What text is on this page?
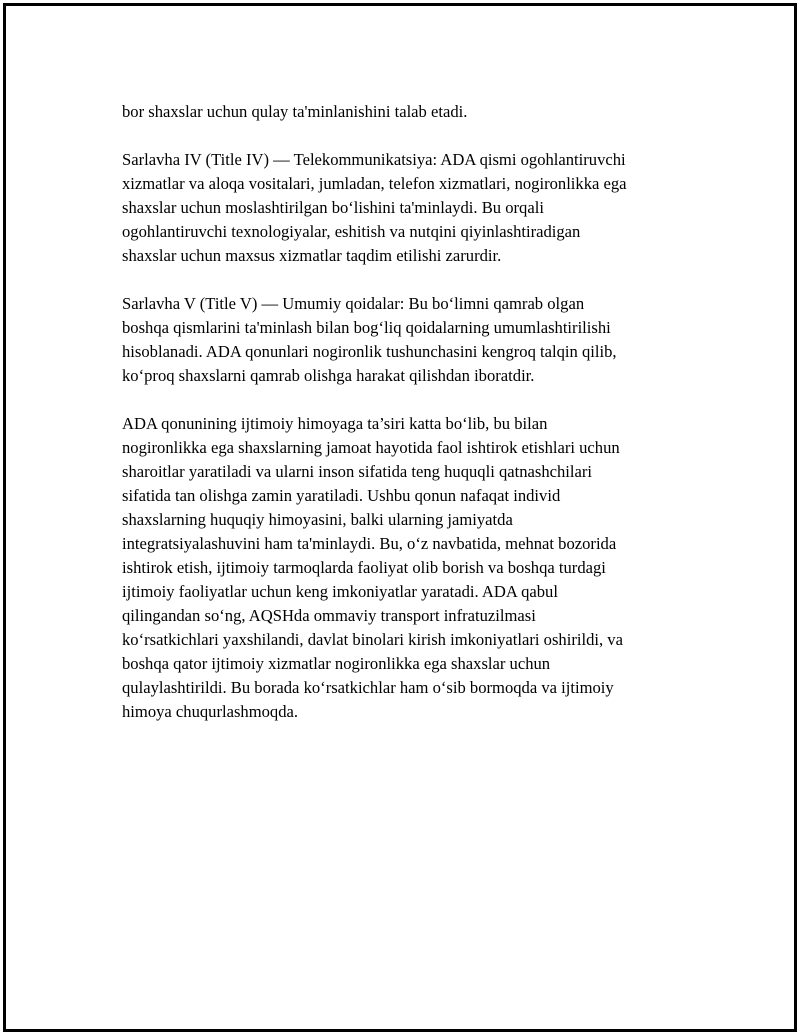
bor shaxslar uchun qulay ta'minlanishini talab etadi.
Sarlavha IV (Title IV) — Telekommunikatsiya: ADA qismi ogohlantiruvchi
xizmatlar va aloqa vositalari, jumladan, telefon xizmatlari, nogironlikka ega
shaxslar uchun moslashtirilgan bo‘lishini ta'minlaydi. Bu orqali
ogohlantiruvchi texnologiyalar, eshitish va nutqini qiyinlashtiradigan
shaxslar uchun maxsus xizmatlar taqdim etilishi zarurdir.
Sarlavha V (Title V) — Umumiy qoidalar: Bu bo‘limni qamrab olgan
boshqa qismlarini ta'minlash bilan bog‘liq qoidalarning umumlashtirilishi
hisoblanadi. ADA qonunlari nogironlik tushunchasini kengroq talqin qilib,
ko‘proq shaxslarni qamrab olishga harakat qilishdan iboratdir.
ADA qonunining ijtimoiy himoyaga ta’siri katta bo‘lib, bu bilan
nogironlikka ega shaxslarning jamoat hayotida faol ishtirok etishlari uchun
sharoitlar yaratiladi va ularni inson sifatida teng huquqli qatnashchilari
sifatida tan olishga zamin yaratiladi. Ushbu qonun nafaqat individ
shaxslarning huquqiy himoyasini, balki ularning jamiyatda
integratsiyalashuvini ham ta'minlaydi. Bu, o‘z navbatida, mehnat bozorida
ishtirok etish, ijtimoiy tarmoqlarda faoliyat olib borish va boshqa turdagi
ijtimoiy faoliyatlar uchun keng imkoniyatlar yaratadi. ADA qabul
qilingandan so‘ng, AQSHda ommaviy transport infratuzilmasi
ko‘rsatkichlari yaxshilandi, davlat binolari kirish imkoniyatlari oshirildi, va
boshqa qator ijtimoiy xizmatlar nogironlikka ega shaxslar uchun
qulaylashtirildi. Bu borada ko‘rsatkichlar ham o‘sib bormoqda va ijtimoiy
himoya chuqurlashmoqda.
